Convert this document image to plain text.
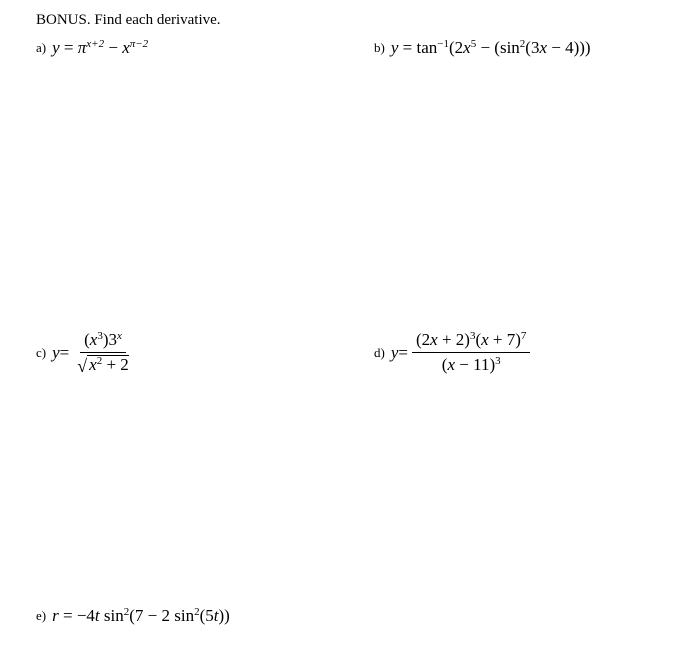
BONUS. Find each derivative.
a) $y = \pi^{x+2} - x^{\pi-2}$	b) $y = \tan^{-1}(2x^5 - (\sin^2(3x - 4)))$
c) $y = \frac{(x^3)3^x}{√ x^2 + 2}$	d) $y = \frac{(2x + 2)^3(x + 7)^7}{(x - 11)^3}$
e) r = −4t $\sin^2(7 - 2$ $\sin^2(5t)$)
